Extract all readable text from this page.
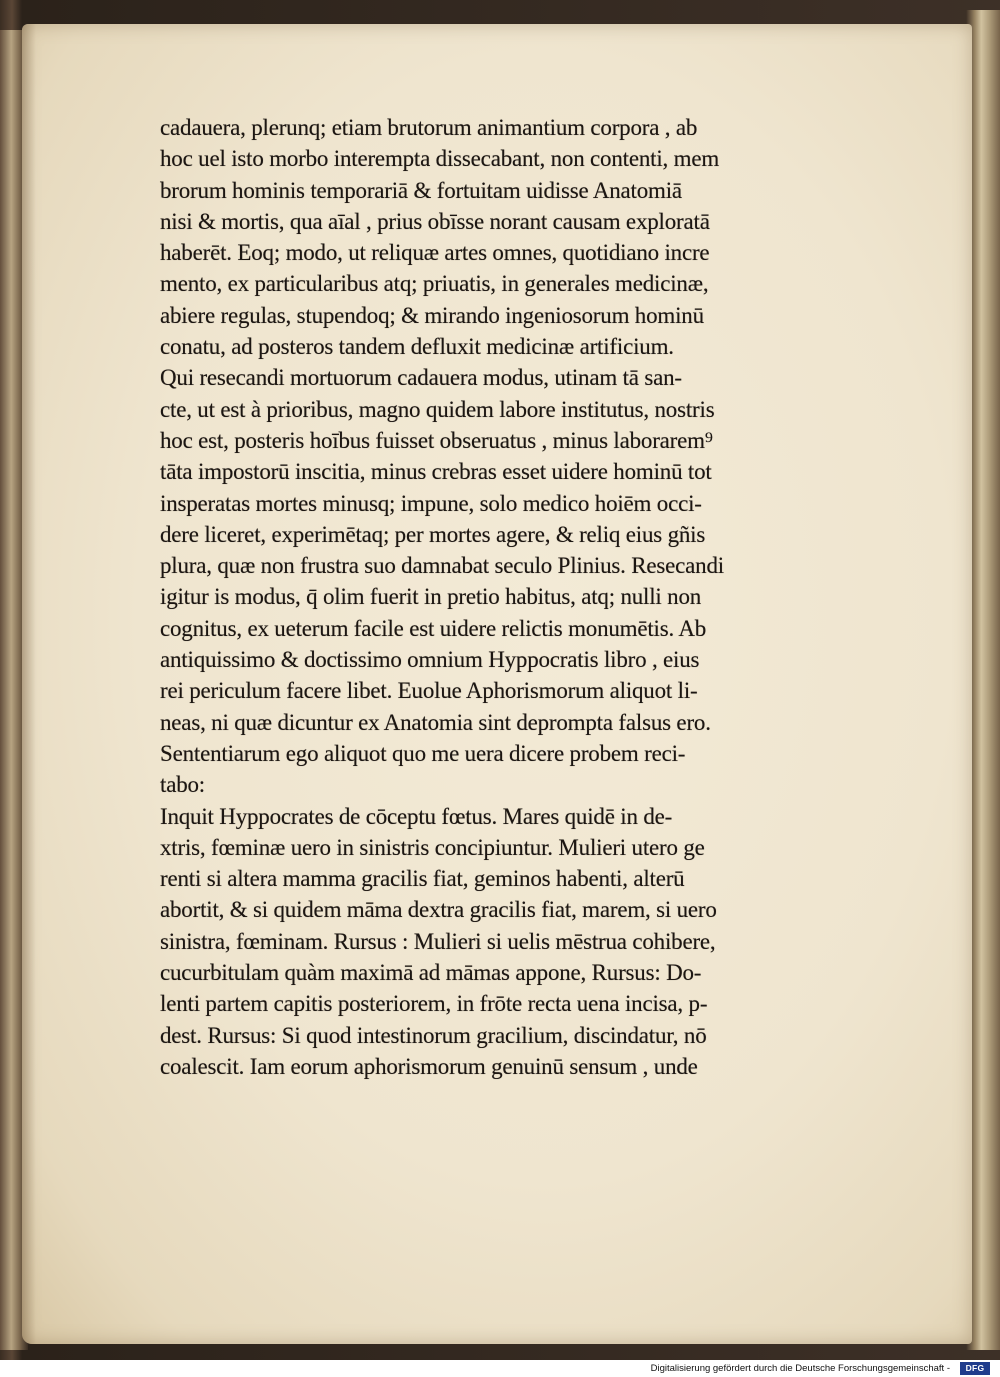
cadauera, plerunq; etiam brutorum animantium corpora , ab
hoc uel isto morbo interempta dissecabant, non contenti, mem
brorum hominis temporariā & fortuitam uidisse Anatomiā
nisi & mortis, qua aīal , prius obīsse norant causam exploratā
haberēt. Eoq; modo, ut reliquæ artes omnes, quotidiano incre
mento, ex particularibus atq; priuatis, in generales medicinæ,
abiere regulas, stupendoq; & mirando ingeniosorum hominū
conatu, ad posteros tandem defluxit medicinæ artificium.
Qui resecandi mortuorum cadauera modus, utinam tā san-
cte, ut est à prioribus, magno quidem labore institutus, nostris
hoc est, posteris hoībus fuisset obseruatus , minus laborarem⁹
tāta impostorū inscitia, minus crebras esset uidere hominū tot
insperatas mortes minusq; impune, solo medico hoiēm occi-
dere liceret, experimētaq; per mortes agere, & reliq eius gñis
plura, quæ non frustra suo damnabat seculo Plinius. Resecandi
igitur is modus, q̄ olim fuerit in pretio habitus, atq; nulli non
cognitus, ex ueterum facile est uidere relictis monumētis. Ab
antiquissimo & doctissimo omnium Hyppocratis libro , eius
rei periculum facere libet. Euolue Aphorismorum aliquot li-
neas, ni quæ dicuntur ex Anatomia sint deprompta falsus ero.
Sententiarum ego aliquot quo me uera dicere probem reci-
tabo:
Inquit Hyppocrates de cōceptu fœtus. Mares quidē in de-
xtris, fœminæ uero in sinistris concipiuntur. Mulieri utero ge
renti si altera mamma gracilis fiat, geminos habenti, alterū
abortit, & si quidem māma dextra gracilis fiat, marem, si uero
sinistra, fœminam. Rursus : Mulieri si uelis mēstrua cohibere,
cucurbitulam quàm maximā ad māmas appone, Rursus: Do-
lenti partem capitis posteriorem, in frōte recta uena incisa, p-
dest. Rursus: Si quod intestinorum gracilium, discindatur, nō
coalescit. Iam eorum aphorismorum genuinū sensum , unde
Digitalisierung gefördert durch die Deutsche Forschungsgemeinschaft -	DFG
